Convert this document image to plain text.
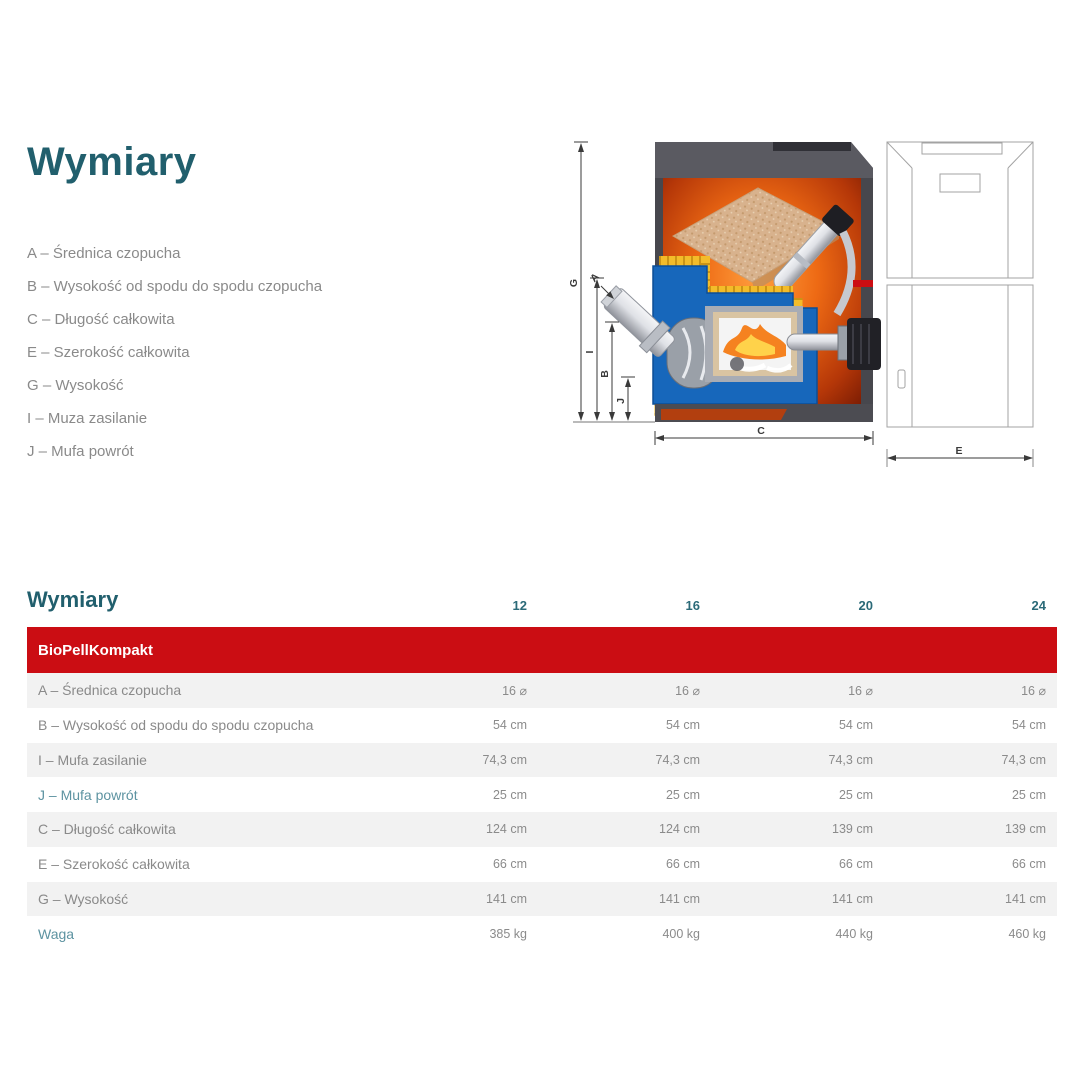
Wymiary
A – Średnica czopucha
B – Wysokość od spodu do spodu czopucha
C – Długość całkowita
E – Szerokość całkowita
G – Wysokość
I – Muza zasilanie
J – Mufa powrót
G
I
B
J
A
C
E
Wymiary	12	16	20	24
BioPellKompakt
A – Średnica czopucha	16 ⌀	16 ⌀	16 ⌀	16 ⌀
B – Wysokość od spodu do spodu czopucha	54 cm	54 cm	54 cm	54 cm
I – Mufa zasilanie	74,3 cm	74,3 cm	74,3 cm	74,3 cm
J – Mufa powrót	25 cm	25 cm	25 cm	25 cm
C – Długość całkowita	124 cm	124 cm	139 cm	139 cm
E – Szerokość całkowita	66 cm	66 cm	66 cm	66 cm
G – Wysokość	141 cm	141 cm	141 cm	141 cm
Waga	385 kg	400 kg	440 kg	460 kg
